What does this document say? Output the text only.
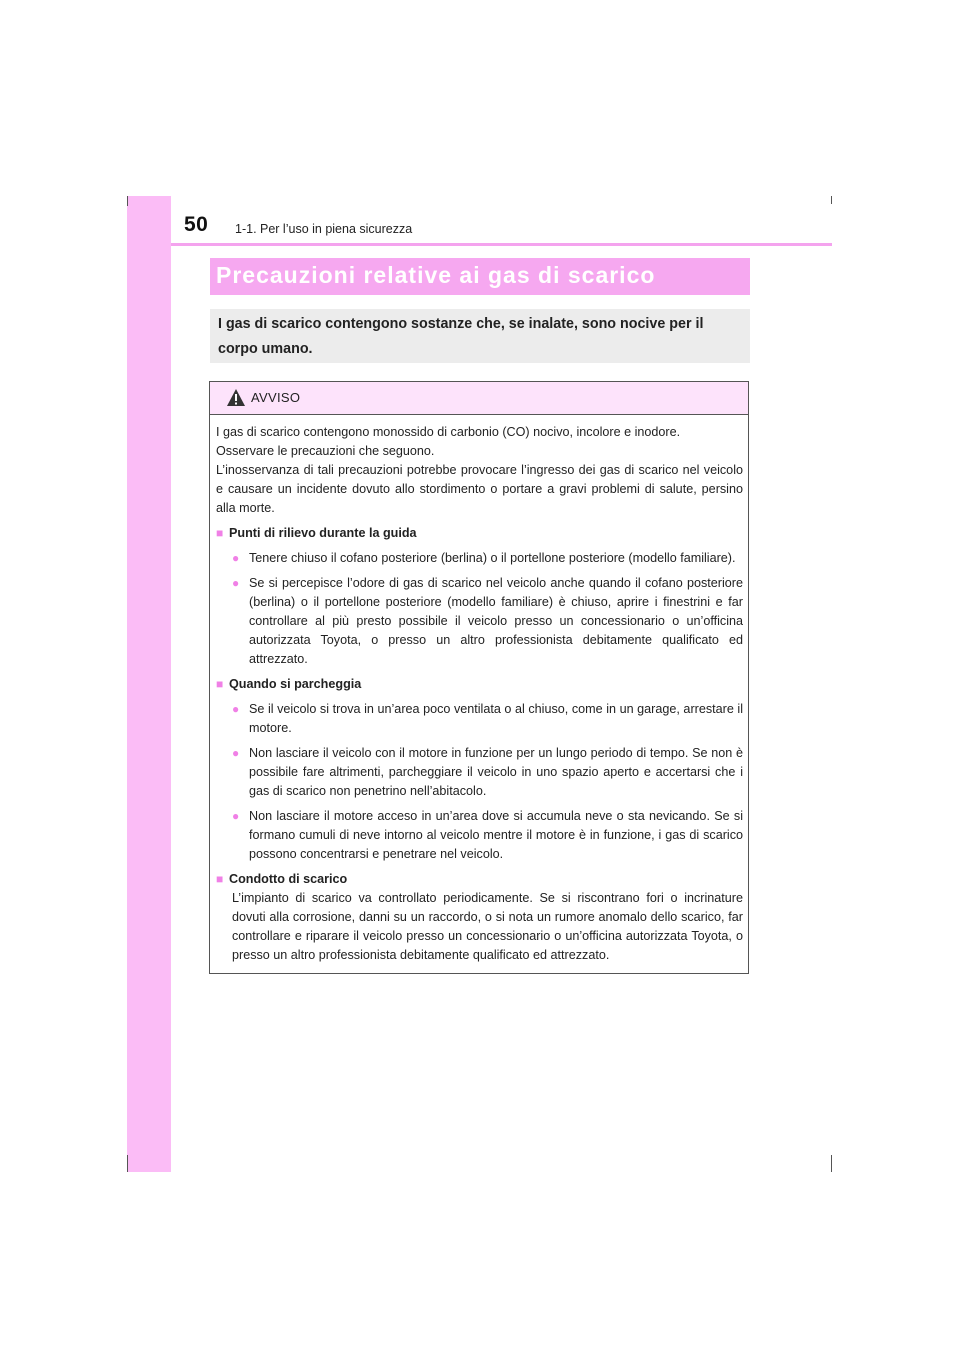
50 1-1. Per l’uso in piena sicurezza
Precauzioni relative ai gas di scarico
I gas di scarico contengono sostanze che, se inalate, sono nocive per il corpo umano.
AVVISO

I gas di scarico contengono monossido di carbonio (CO) nocivo, incolore e inodore.

Osservare le precauzioni che seguono.

L’inosservanza di tali precauzioni potrebbe provocare l’ingresso dei gas di scarico nel veicolo e causare un incidente dovuto allo stordimento o portare a gravi problemi di salute, persino alla morte.

■ Punti di rilievo durante la guida
● Tenere chiuso il cofano posteriore (berlina) o il portellone posteriore (modello familiare).
● Se si percepisce l’odore di gas di scarico nel veicolo anche quando il cofano posteriore (berlina) o il portellone posteriore (modello familiare) è chiuso, aprire i finestrini e far controllare al più presto possibile il veicolo presso un concessionario o un’officina autorizzata Toyota, o presso un altro professionista debitamente qualificato ed attrezzato.
■ Quando si parcheggia
● Se il veicolo si trova in un’area poco ventilata o al chiuso, come in un garage, arrestare il motore.
● Non lasciare il veicolo con il motore in funzione per un lungo periodo di tempo. Se non è possibile fare altrimenti, parcheggiare il veicolo in uno spazio aperto e accertarsi che i gas di scarico non penetrino nell’abitacolo.
● Non lasciare il motore acceso in un’area dove si accumula neve o sta nevicando. Se si formano cumuli di neve intorno al veicolo mentre il motore è in funzione, i gas di scarico possono concentrarsi e penetrare nel veicolo.
■ Condotto di scarico
L’impianto di scarico va controllato periodicamente. Se si riscontrano fori o incrinature dovuti alla corrosione, danni su un raccordo, o si nota un rumore anomalo dello scarico, far controllare e riparare il veicolo presso un concessionario o un’officina autorizzata Toyota, o presso un altro professionista debitamente qualificato ed attrezzato.
